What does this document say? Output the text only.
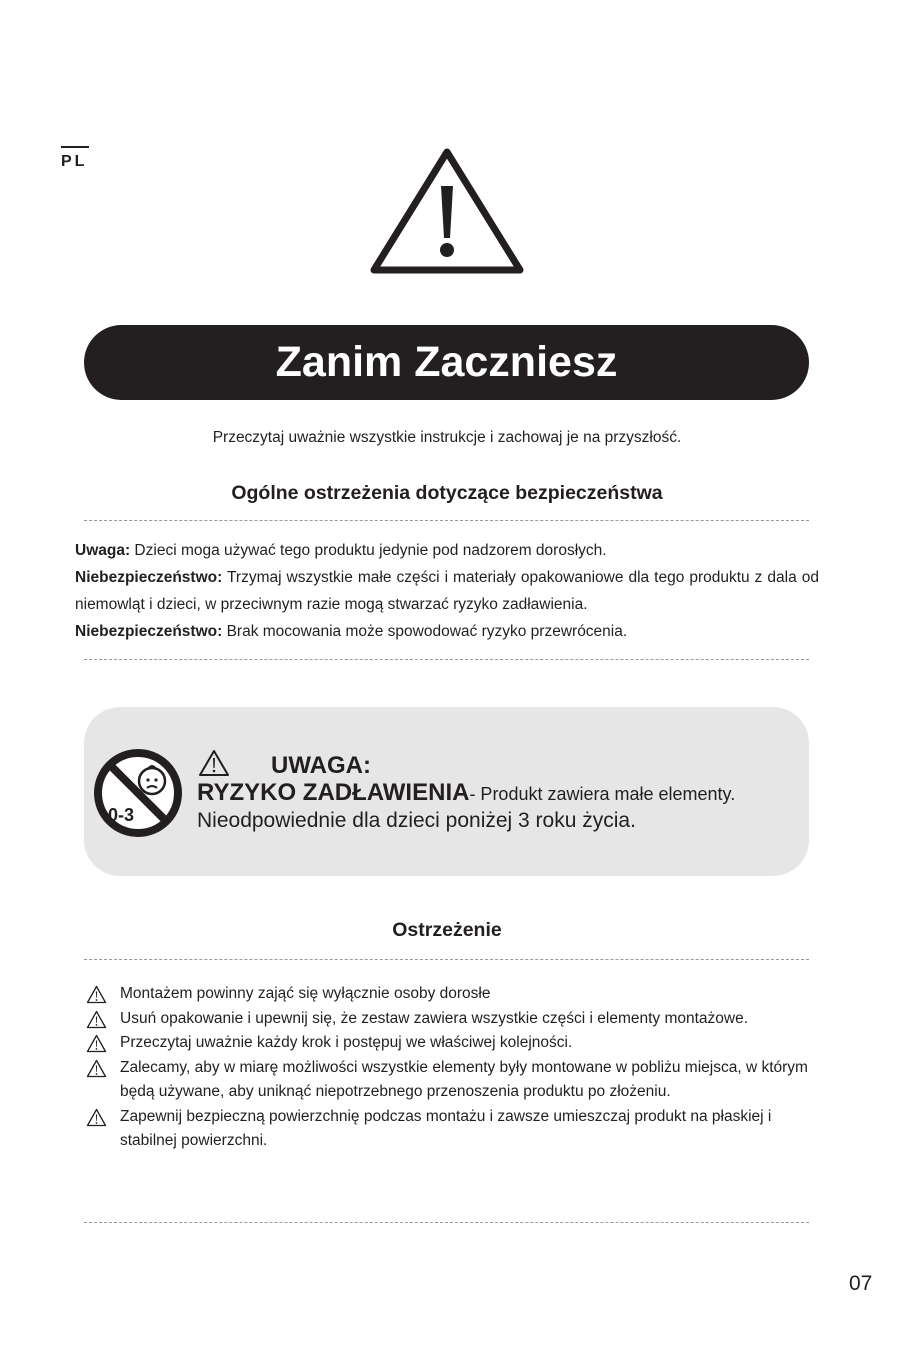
PL
Zanim Zaczniesz
Przeczytaj uważnie wszystkie instrukcje i zachowaj je na przyszłość.
Ogólne ostrzeżenia dotyczące bezpieczeństwa

Uwaga: Dzieci moga używać tego produktu jedynie pod nadzorem dorosłych.

Niebezpieczeństwo: Trzymaj wszystkie małe części i materiały opakowaniowe dla tego produktu z dala od niemowląt i dzieci, w przeciwnym razie mogą stwarzać ryzyko zadławienia.

Niebezpieczeństwo: Brak mocowania może spowodować ryzyko przewrócenia.

0-3
UWAGA:
RYZYKO ZADŁAWIENIA- Produkt zawiera małe elementy.
Nieodpowiednie dla dzieci poniżej 3 roku życia.
Ostrzeżenie
Montażem powinny zająć się wyłącznie osoby dorosłe
Usuń opakowanie i upewnij się, że zestaw zawiera wszystkie części i elementy montażowe.
Przeczytaj uważnie każdy krok i postępuj we właściwej kolejności.
Zalecamy, aby w miarę możliwości wszystkie elementy były montowane w pobliżu miejsca, w którym będą używane, aby uniknąć niepotrzebnego przenoszenia produktu po złożeniu.
Zapewnij bezpieczną powierzchnię podczas montażu i zawsze umieszczaj produkt na płaskiej i stabilnej powierzchni.
07
